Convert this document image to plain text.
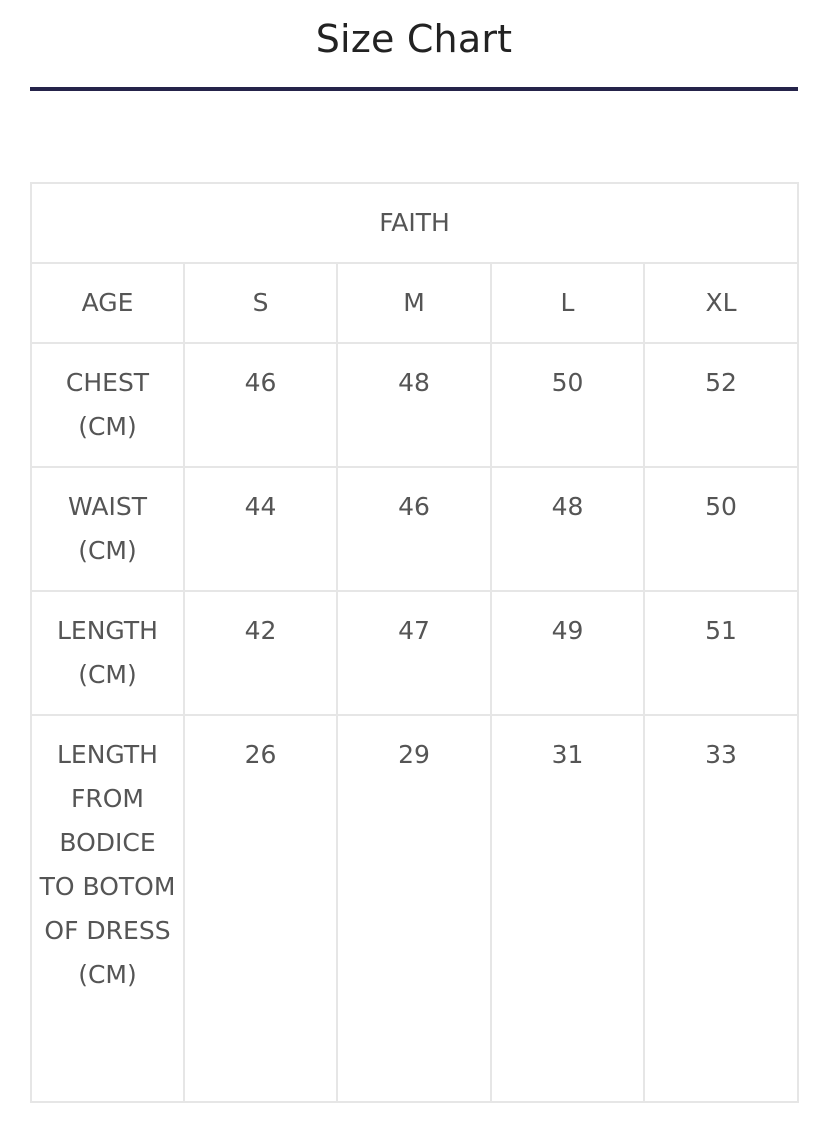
Size Chart
FAITH				

AGE	S	M	L	XL

CHEST (CM)	46	48	50	52

WAIST (CM)	44	46	48	50

LENGTH (CM)	42	47	49	51

LENGTH FROM BODICE TO BOTOM OF DRESS (CM)	26	29	31	33
